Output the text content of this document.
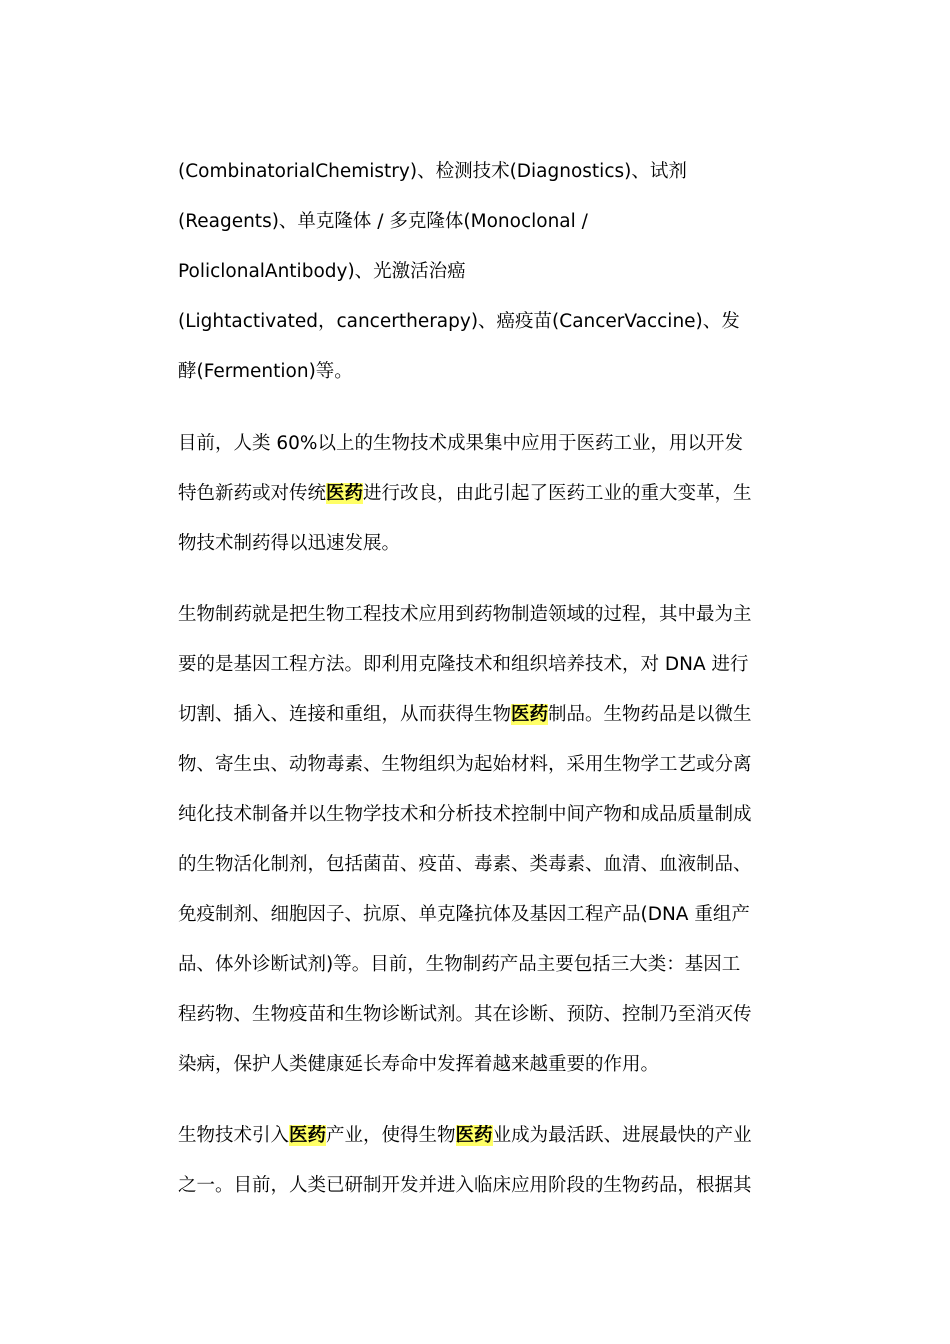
(CombinatorialChemistry)、检测技术(Diagnostics)、试剂
(Reagents)、单克隆体 / 多克隆体(Monoclonal /
PoliclonalAntibody)、光激活治癌
(Lightactivated，cancertherapy)、癌疫苗(CancerVaccine)、发
酵(Fermention)等。
目前，人类 60%以上的生物技术成果集中应用于医药工业，用以开发
特色新药或对传统医药进行改良，由此引起了医药工业的重大变革，生
物技术制药得以迅速发展。
生物制药就是把生物工程技术应用到药物制造领域的过程，其中最为主
要的是基因工程方法。即利用克隆技术和组织培养技术，对 DNA 进行
切割、插入、连接和重组，从而获得生物医药制品。生物药品是以微生
物、寄生虫、动物毒素、生物组织为起始材料，采用生物学工艺或分离
纯化技术制备并以生物学技术和分析技术控制中间产物和成品质量制成
的生物活化制剂，包括菌苗、疫苗、毒素、类毒素、血清、血液制品、
免疫制剂、细胞因子、抗原、单克隆抗体及基因工程产品(DNA 重组产
品、体外诊断试剂)等。目前，生物制药产品主要包括三大类：基因工
程药物、生物疫苗和生物诊断试剂。其在诊断、预防、控制乃至消灭传
染病，保护人类健康延长寿命中发挥着越来越重要的作用。
生物技术引入医药产业，使得生物医药业成为最活跃、进展最快的产业
之一。目前，人类已研制开发并进入临床应用阶段的生物药品，根据其
